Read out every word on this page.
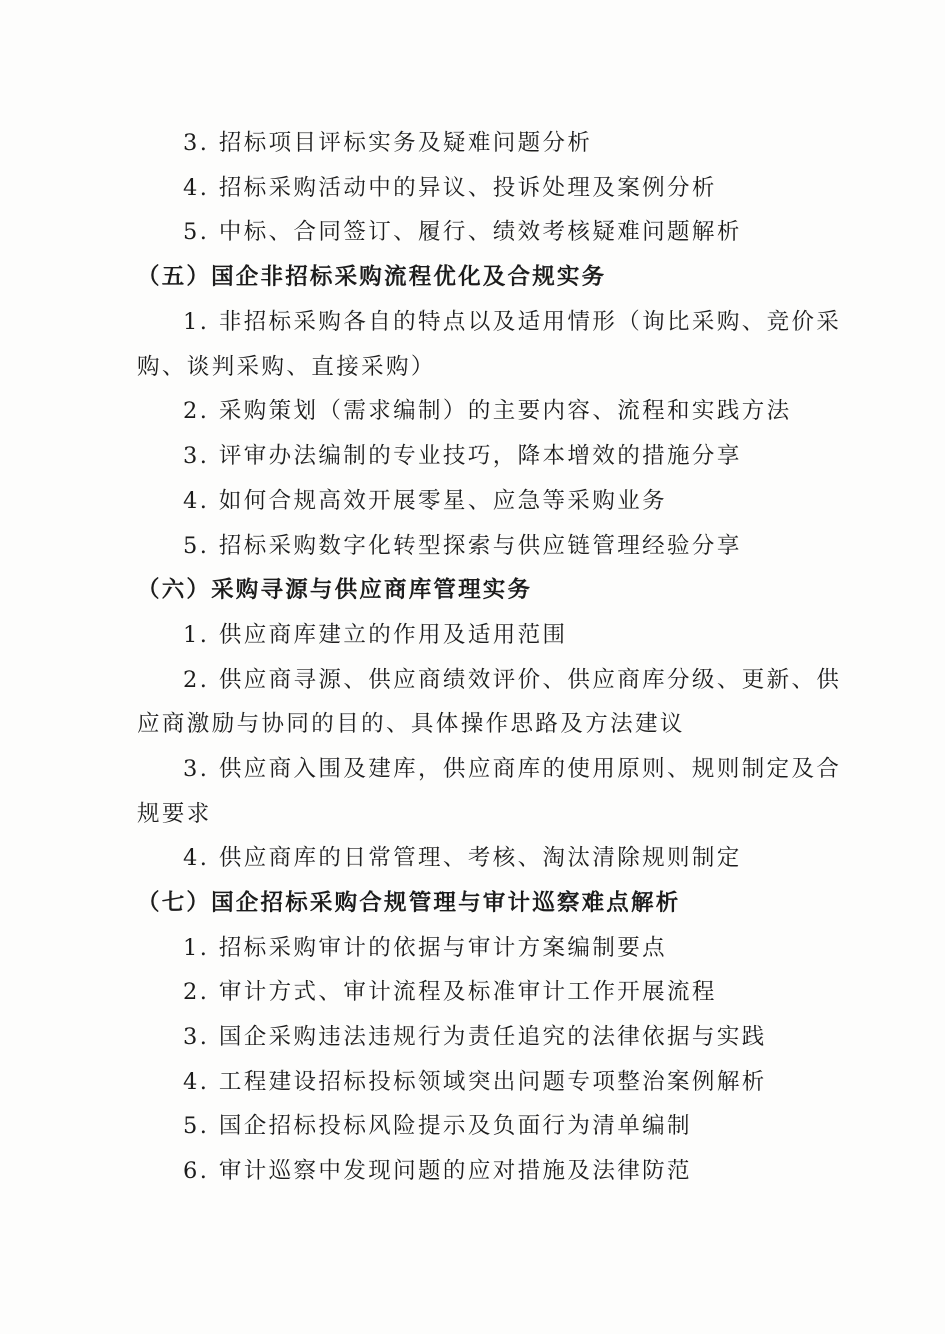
3. 招标项目评标实务及疑难问题分析
4. 招标采购活动中的异议、投诉处理及案例分析
5. 中标、合同签订、履行、绩效考核疑难问题解析
（五）国企非招标采购流程优化及合规实务
1. 非招标采购各自的特点以及适用情形（询比采购、竞价采
购、谈判采购、直接采购）
2. 采购策划（需求编制）的主要内容、流程和实践方法
3. 评审办法编制的专业技巧，降本增效的措施分享
4. 如何合规高效开展零星、应急等采购业务
5. 招标采购数字化转型探索与供应链管理经验分享
（六）采购寻源与供应商库管理实务
1. 供应商库建立的作用及适用范围
2. 供应商寻源、供应商绩效评价、供应商库分级、更新、供
应商激励与协同的目的、具体操作思路及方法建议
3. 供应商入围及建库，供应商库的使用原则、规则制定及合
规要求
4. 供应商库的日常管理、考核、淘汰清除规则制定
（七）国企招标采购合规管理与审计巡察难点解析
1. 招标采购审计的依据与审计方案编制要点
2. 审计方式、审计流程及标准审计工作开展流程
3. 国企采购违法违规行为责任追究的法律依据与实践
4. 工程建设招标投标领域突出问题专项整治案例解析
5. 国企招标投标风险提示及负面行为清单编制
6. 审计巡察中发现问题的应对措施及法律防范
